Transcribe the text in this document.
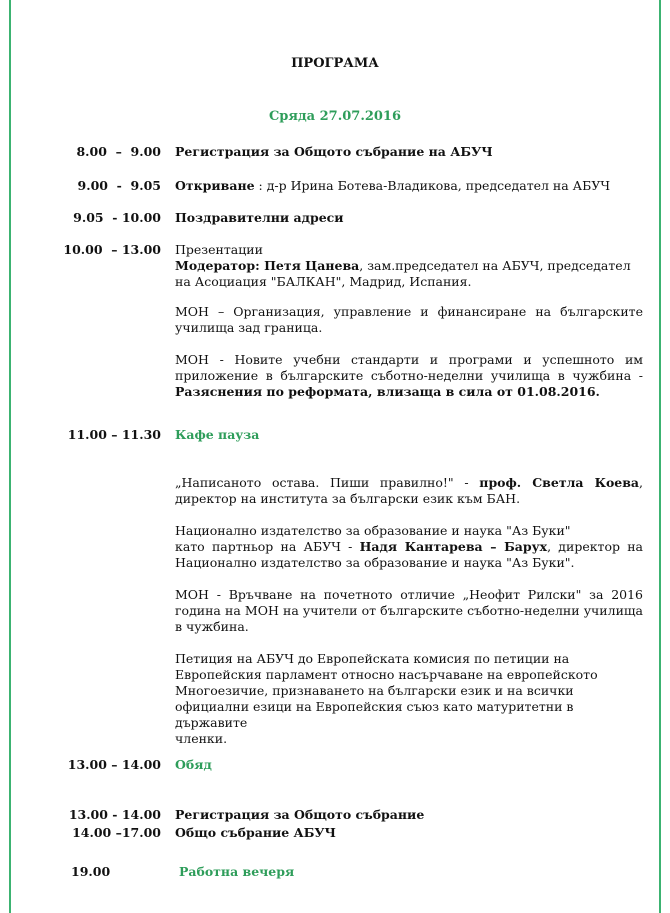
ПРОГРАМА
Сряда 27.07.2016
8.00  –  9.00 Регистрация за Общото събрание на АБУЧ
9.00  -  9.05 Откриване : д-р Ирина Ботева-Владикова, председател на АБУЧ
9.05  - 10.00 Поздравителни адреси
10.00  – 13.00 Презентации
Модератор: Петя Цанева, зам.председател на АБУЧ, председател
на Асоциация "БАЛКАН", Мадрид, Испания.

МОН – Организация, управление и финансиране на българските училища зад граница.

МОН - Новите учебни стандарти и програми и успешното им приложение в българските съботно-неделни училища в чужбина - Разяснения по реформата, влизаща в сила от 01.08.2016.

11.00 – 11.30 Кафе пауза

„Написаното остава. Пиши правилно!" - проф. Светла Коева, директор на института за български език към БАН.

Национално издателство за образование и наука "Аз Буки"

като партньор на АБУЧ - Надя Кантарева – Барух, директор на Национално издателство за образование и наука "Аз Буки".

МОН - Връчване на почетното отличие „Неофит Рилски" за 2016 година на МОН на учители от българските съботно-неделни училища в чужбина.

Петиция на АБУЧ до Европейската комисия по петиции на
Европейския парламент относно насърчаване на европейското
Многоезичие, признаването на български език и на всички
официални езици на Европейския съюз като матуритетни в държавите
членки.
13.00 – 14.00 Обяд
13.00 - 14.00 Регистрация за Общото събрание
14.00 –17.00 Общо събрание АБУЧ
19.00	Работна вечеря
